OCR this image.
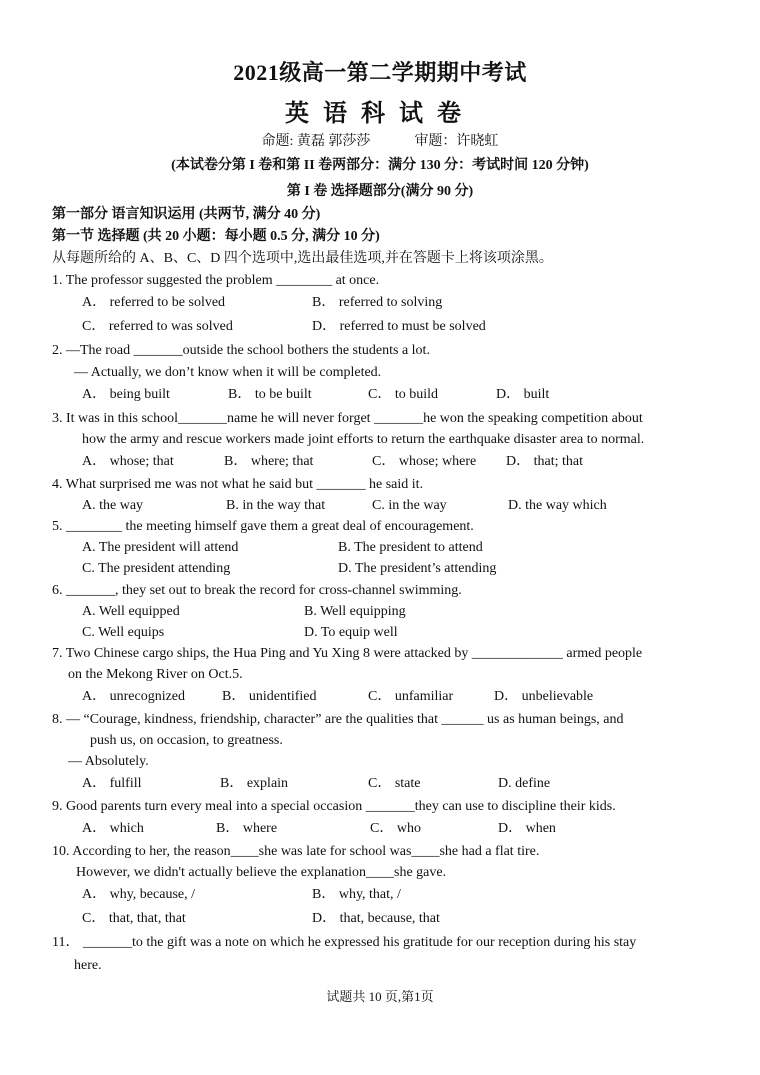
2021级高一第二学期期中考试
英语科试卷
命题: 黄磊 郭莎莎	审题：许晓虹
(本试卷分第 I 卷和第 II 卷两部分：满分 130 分：考试时间 120 分钟)
第 I 卷 选择题部分(满分 90 分)
第一部分 语言知识运用 (共两节, 满分 40 分)
第一节 选择题 (共 20 小题：每小题 0.5 分, 满分 10 分)
从每题所给的 A、B、C、D 四个选项中,选出最佳选项,并在答题卡上将该项涂黑。
1. The professor suggested the problem ________ at once.
A． referred to be solved	B． referred to solving
C． referred to was solved	D． referred to must be solved
2. —The road _______outside the school bothers the students a lot.
— Actually, we don’t know when it will be completed.
A． being built	B． to be built	C． to build	D． built
3. It was in this school_______name he will never forget _______he won the speaking competition about
how the army and rescue workers made joint efforts to return the earthquake disaster area to normal.
A． whose; that	B． where; that	C． whose; where D． that; that
4. What surprised me was not what he said but _______ he said it.
A. the way	B. in the way that	C. in the way	D. the way which
5. ________ the meeting himself gave them a great deal of encouragement.
A. The president will attend	B. The president to attend
C. The president attending	D. The president’s attending
6. _______, they set out to break the record for cross-channel swimming.
A. Well equipped	B. Well equipping
C. Well equips	D. To equip well
7. Two Chinese cargo ships, the Hua Ping and Yu Xing 8 were attacked by _____________ armed people
on the Mekong River on Oct.5.
A． unrecognized	B． unidentified	C． unfamiliar	D． unbelievable
8. — “Courage, kindness, friendship, character” are the qualities that ______ us as human beings, and
push us, on occasion, to greatness.
— Absolutely.
A． fulfill	B． explain	C． state	D. define
9. Good parents turn every meal into a special occasion _______they can use to discipline their kids.
A． which	B． where	C． who	D． when
10. According to her, the reason____she was late for school was____she had a flat tire.
However, we didn't actually believe the explanation____she gave.
A． why, because, /	B． why, that, /
C． that, that, that	D． that, because, that
11． _______to the gift was a note on which he expressed his gratitude for our reception during his stay
here.
试题共 10 页,第1页
